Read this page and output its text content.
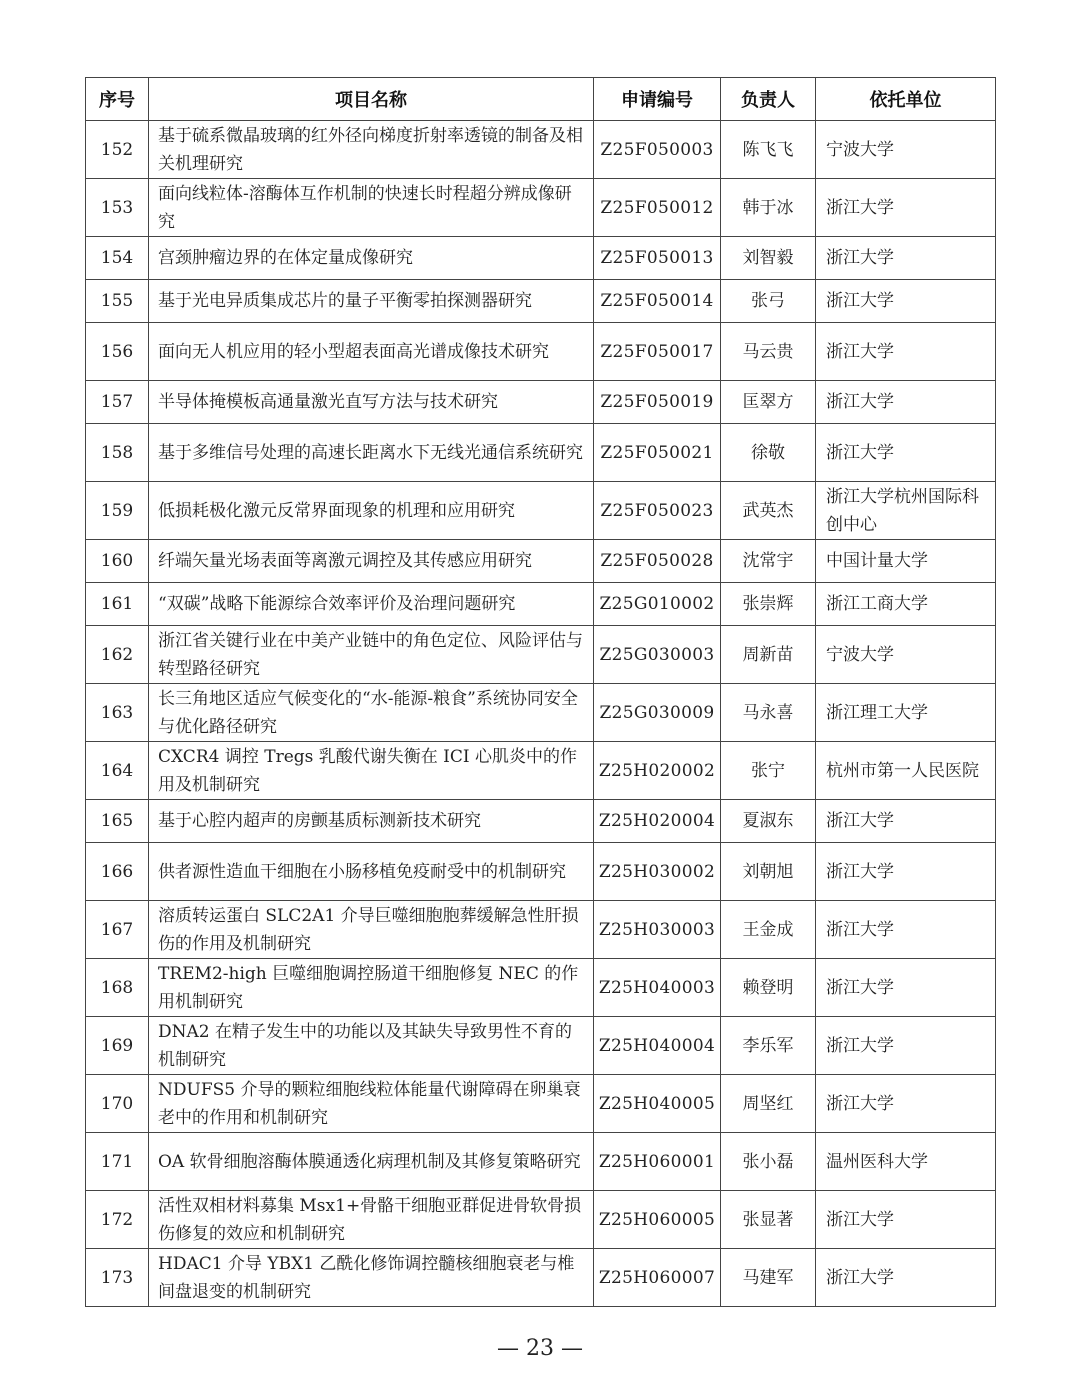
序号	项目名称	申请编号	负责人	依托单位
152	基于硫系微晶玻璃的红外径向梯度折射率透镜的制备及相关机理研究	Z25F050003	陈飞飞	宁波大学
153	面向线粒体-溶酶体互作机制的快速长时程超分辨成像研究	Z25F050012	韩于冰	浙江大学
154	宫颈肿瘤边界的在体定量成像研究	Z25F050013	刘智毅	浙江大学
155	基于光电异质集成芯片的量子平衡零拍探测器研究	Z25F050014	张弓	浙江大学
156	面向无人机应用的轻小型超表面高光谱成像技术研究	Z25F050017	马云贵	浙江大学
157	半导体掩模板高通量激光直写方法与技术研究	Z25F050019	匡翠方	浙江大学
158	基于多维信号处理的高速长距离水下无线光通信系统研究	Z25F050021	徐敬	浙江大学
159	低损耗极化激元反常界面现象的机理和应用研究	Z25F050023	武英杰	浙江大学杭州国际科创中心
160	纤端矢量光场表面等离激元调控及其传感应用研究	Z25F050028	沈常宇	中国计量大学
161	“双碳”战略下能源综合效率评价及治理问题研究	Z25G010002	张崇辉	浙江工商大学
162	浙江省关键行业在中美产业链中的角色定位、风险评估与转型路径研究	Z25G030003	周新苗	宁波大学
163	长三角地区适应气候变化的“水-能源-粮食”系统协同安全与优化路径研究	Z25G030009	马永喜	浙江理工大学
164	CXCR4 调控 Tregs 乳酸代谢失衡在 ICI 心肌炎中的作用及机制研究	Z25H020002	张宁	杭州市第一人民医院
165	基于心腔内超声的房颤基质标测新技术研究	Z25H020004	夏淑东	浙江大学
166	供者源性造血干细胞在小肠移植免疫耐受中的机制研究	Z25H030002	刘朝旭	浙江大学
167	溶质转运蛋白 SLC2A1 介导巨噬细胞胞葬缓解急性肝损伤的作用及机制研究	Z25H030003	王金成	浙江大学
168	TREM2-high 巨噬细胞调控肠道干细胞修复 NEC 的作用机制研究	Z25H040003	赖登明	浙江大学
169	DNA2 在精子发生中的功能以及其缺失导致男性不育的机制研究	Z25H040004	李乐军	浙江大学
170	NDUFS5 介导的颗粒细胞线粒体能量代谢障碍在卵巢衰老中的作用和机制研究	Z25H040005	周坚红	浙江大学
171	OA 软骨细胞溶酶体膜通透化病理机制及其修复策略研究	Z25H060001	张小磊	温州医科大学
172	活性双相材料募集 Msx1+骨骼干细胞亚群促进骨软骨损伤修复的效应和机制研究	Z25H060005	张显著	浙江大学
173	HDAC1 介导 YBX1 乙酰化修饰调控髓核细胞衰老与椎间盘退变的机制研究	Z25H060007	马建军	浙江大学
— 23 —
